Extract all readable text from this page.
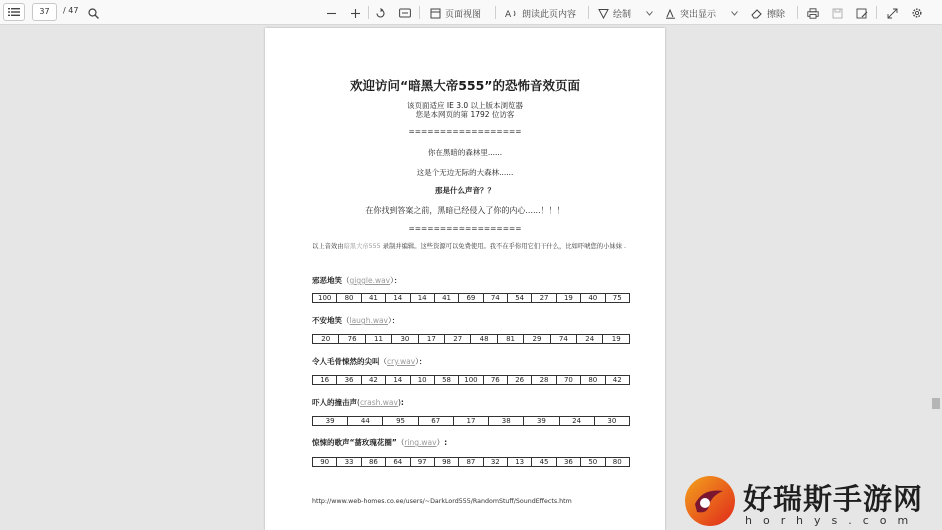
37	/ 47	页面视图	A 朗读此页内容	绘制	突出显示	擦除
欢迎访问“暗黑大帝555”的恐怖音效页面
该页面适应 IE 3.0 以上版本浏览器
您是本网页的第 1792 位访客
==================
你在黑暗的森林里......
这是个无边无际的大森林......
那是什么声音？？
在你找到答案之前，黑暗已经侵入了你的内心......！！！
==================
以上音效由暗黑大帝555 录制并编辑。这些资源可以免费使用。我不在乎你用它们干什么，比如吓唬您的小妹妹 .
邪恶地笑（giggle.wav）：
100	80	41	14	14	41	69	74	54	27	19	40	75
不安地笑（laugh.wav）：
20	76	11	30	17	27	48	81	29	74	24	19
令人毛骨悚然的尖叫（cry.wav）：
16	36	42	14	10	58	100	76	26	28	70	80	42
吓人的撞击声(crash.wav):
39	44	95	67	17	38	39	24	30
惊悚的歌声“蔷玫瑰花圈”（ring.wav）:
90	33	86	64	97	98	87	32	13	45	36	50	80
http://www.web-homes.co.ee/users/~DarkLord555/RandomStuff/SoundEffects.htm	好瑞斯手游网
horhys.com
